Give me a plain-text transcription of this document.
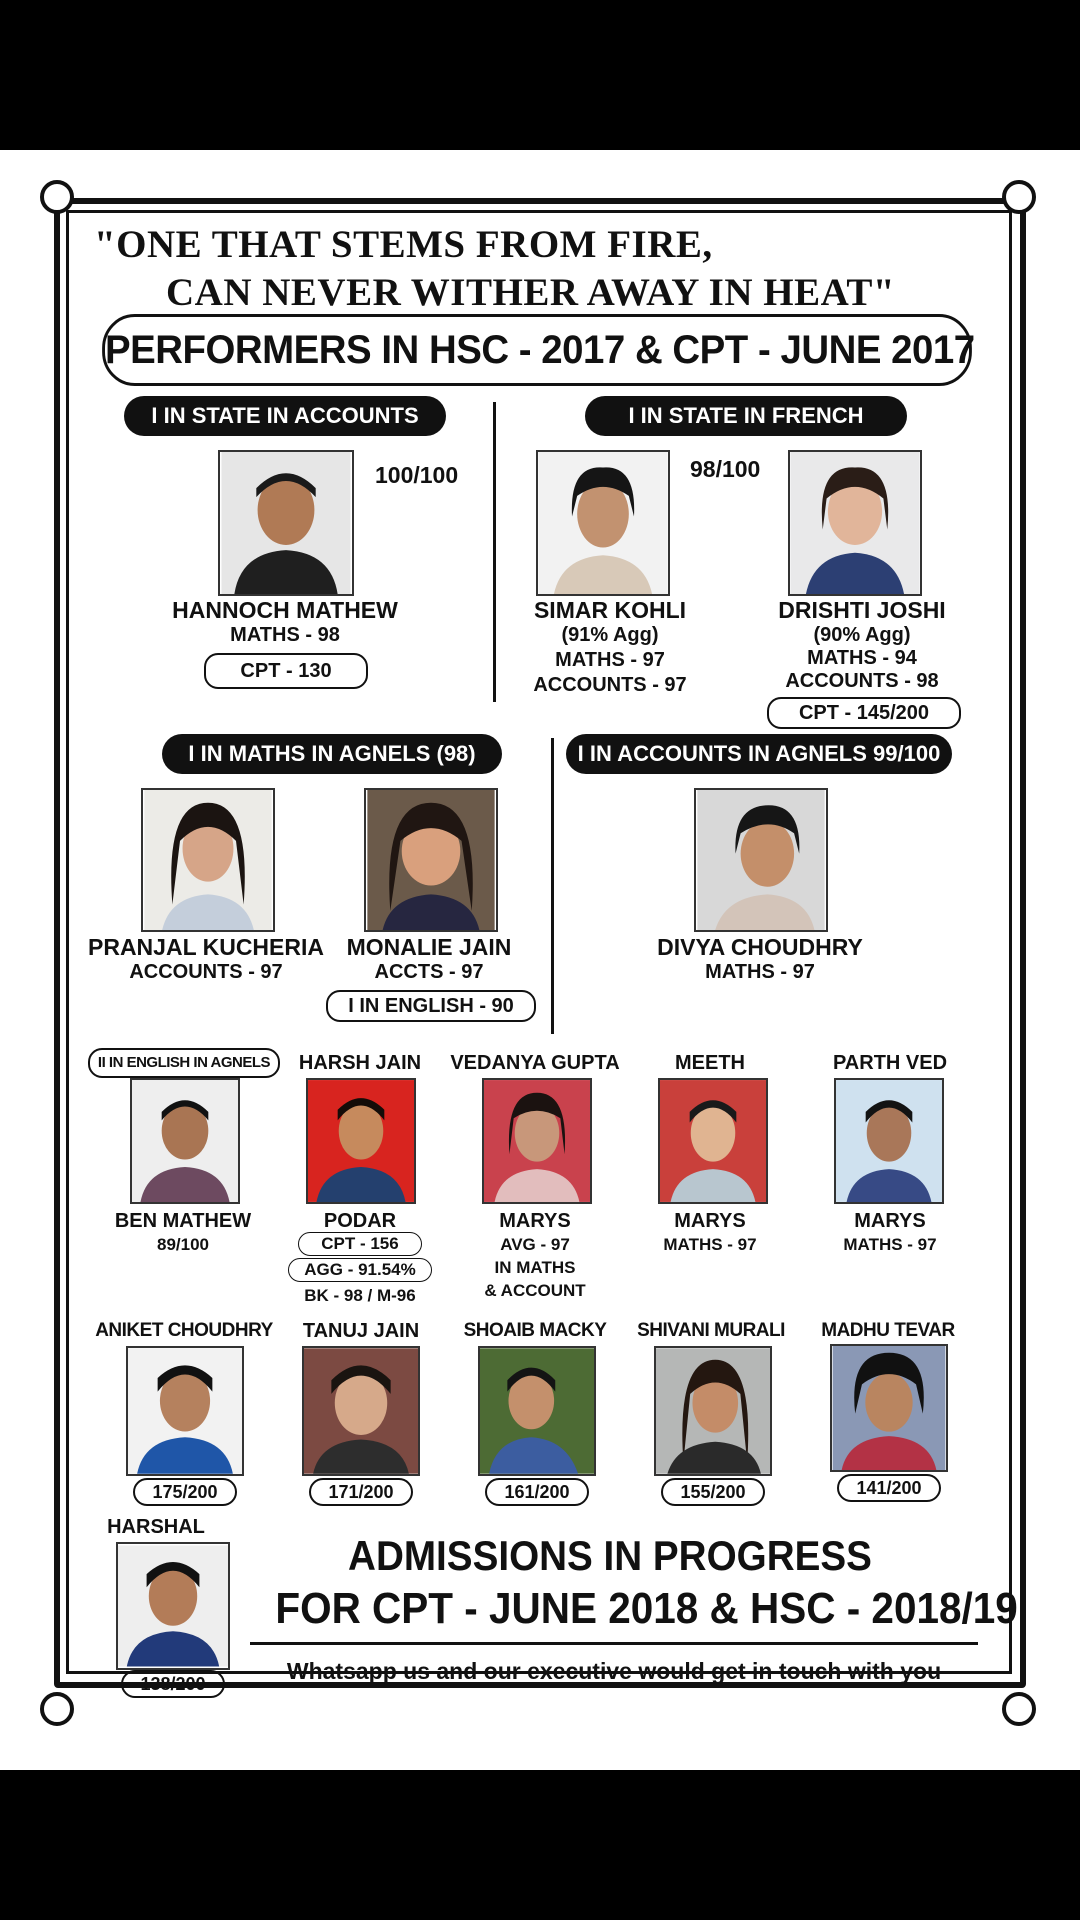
"ONE THAT STEMS FROM FIRE,
CAN NEVER WITHER AWAY IN HEAT"
PERFORMERS IN HSC - 2017 & CPT - JUNE 2017
I IN STATE IN ACCOUNTS	I IN STATE IN FRENCH
100/100
HANNOCH MATHEW
MATHS - 98
CPT - 130
98/100
SIMAR KOHLI
(91% Agg)
MATHS - 97
ACCOUNTS - 97
DRISHTI JOSHI
(90% Agg)
MATHS - 94
ACCOUNTS - 98
CPT - 145/200
I IN MATHS IN AGNELS (98)	I IN ACCOUNTS IN AGNELS 99/100
PRANJAL KUCHERIA
ACCOUNTS - 97
MONALIE JAIN
ACCTS - 97
I IN ENGLISH - 90
DIVYA CHOUDHRY
MATHS - 97
II IN ENGLISH IN AGNELS	HARSH JAIN	VEDANYA GUPTA	MEETH	PARTH VED
BEN MATHEW
89/100
PODAR
CPT - 156
AGG - 91.54%
BK - 98 / M-96
MARYS
AVG - 97
IN MATHS
& ACCOUNT
MARYS
MATHS - 97
MARYS
MATHS - 97
ANIKET CHOUDHRY	TANUJ JAIN	SHOAIB MACKY	SHIVANI MURALI	MADHU TEVAR
175/200	171/200	161/200	155/200	141/200
HARSHAL
138/200
ADMISSIONS IN PROGRESS
FOR CPT - JUNE 2018 & HSC - 2018/19
Whatsapp us and our executive would get in touch with you
